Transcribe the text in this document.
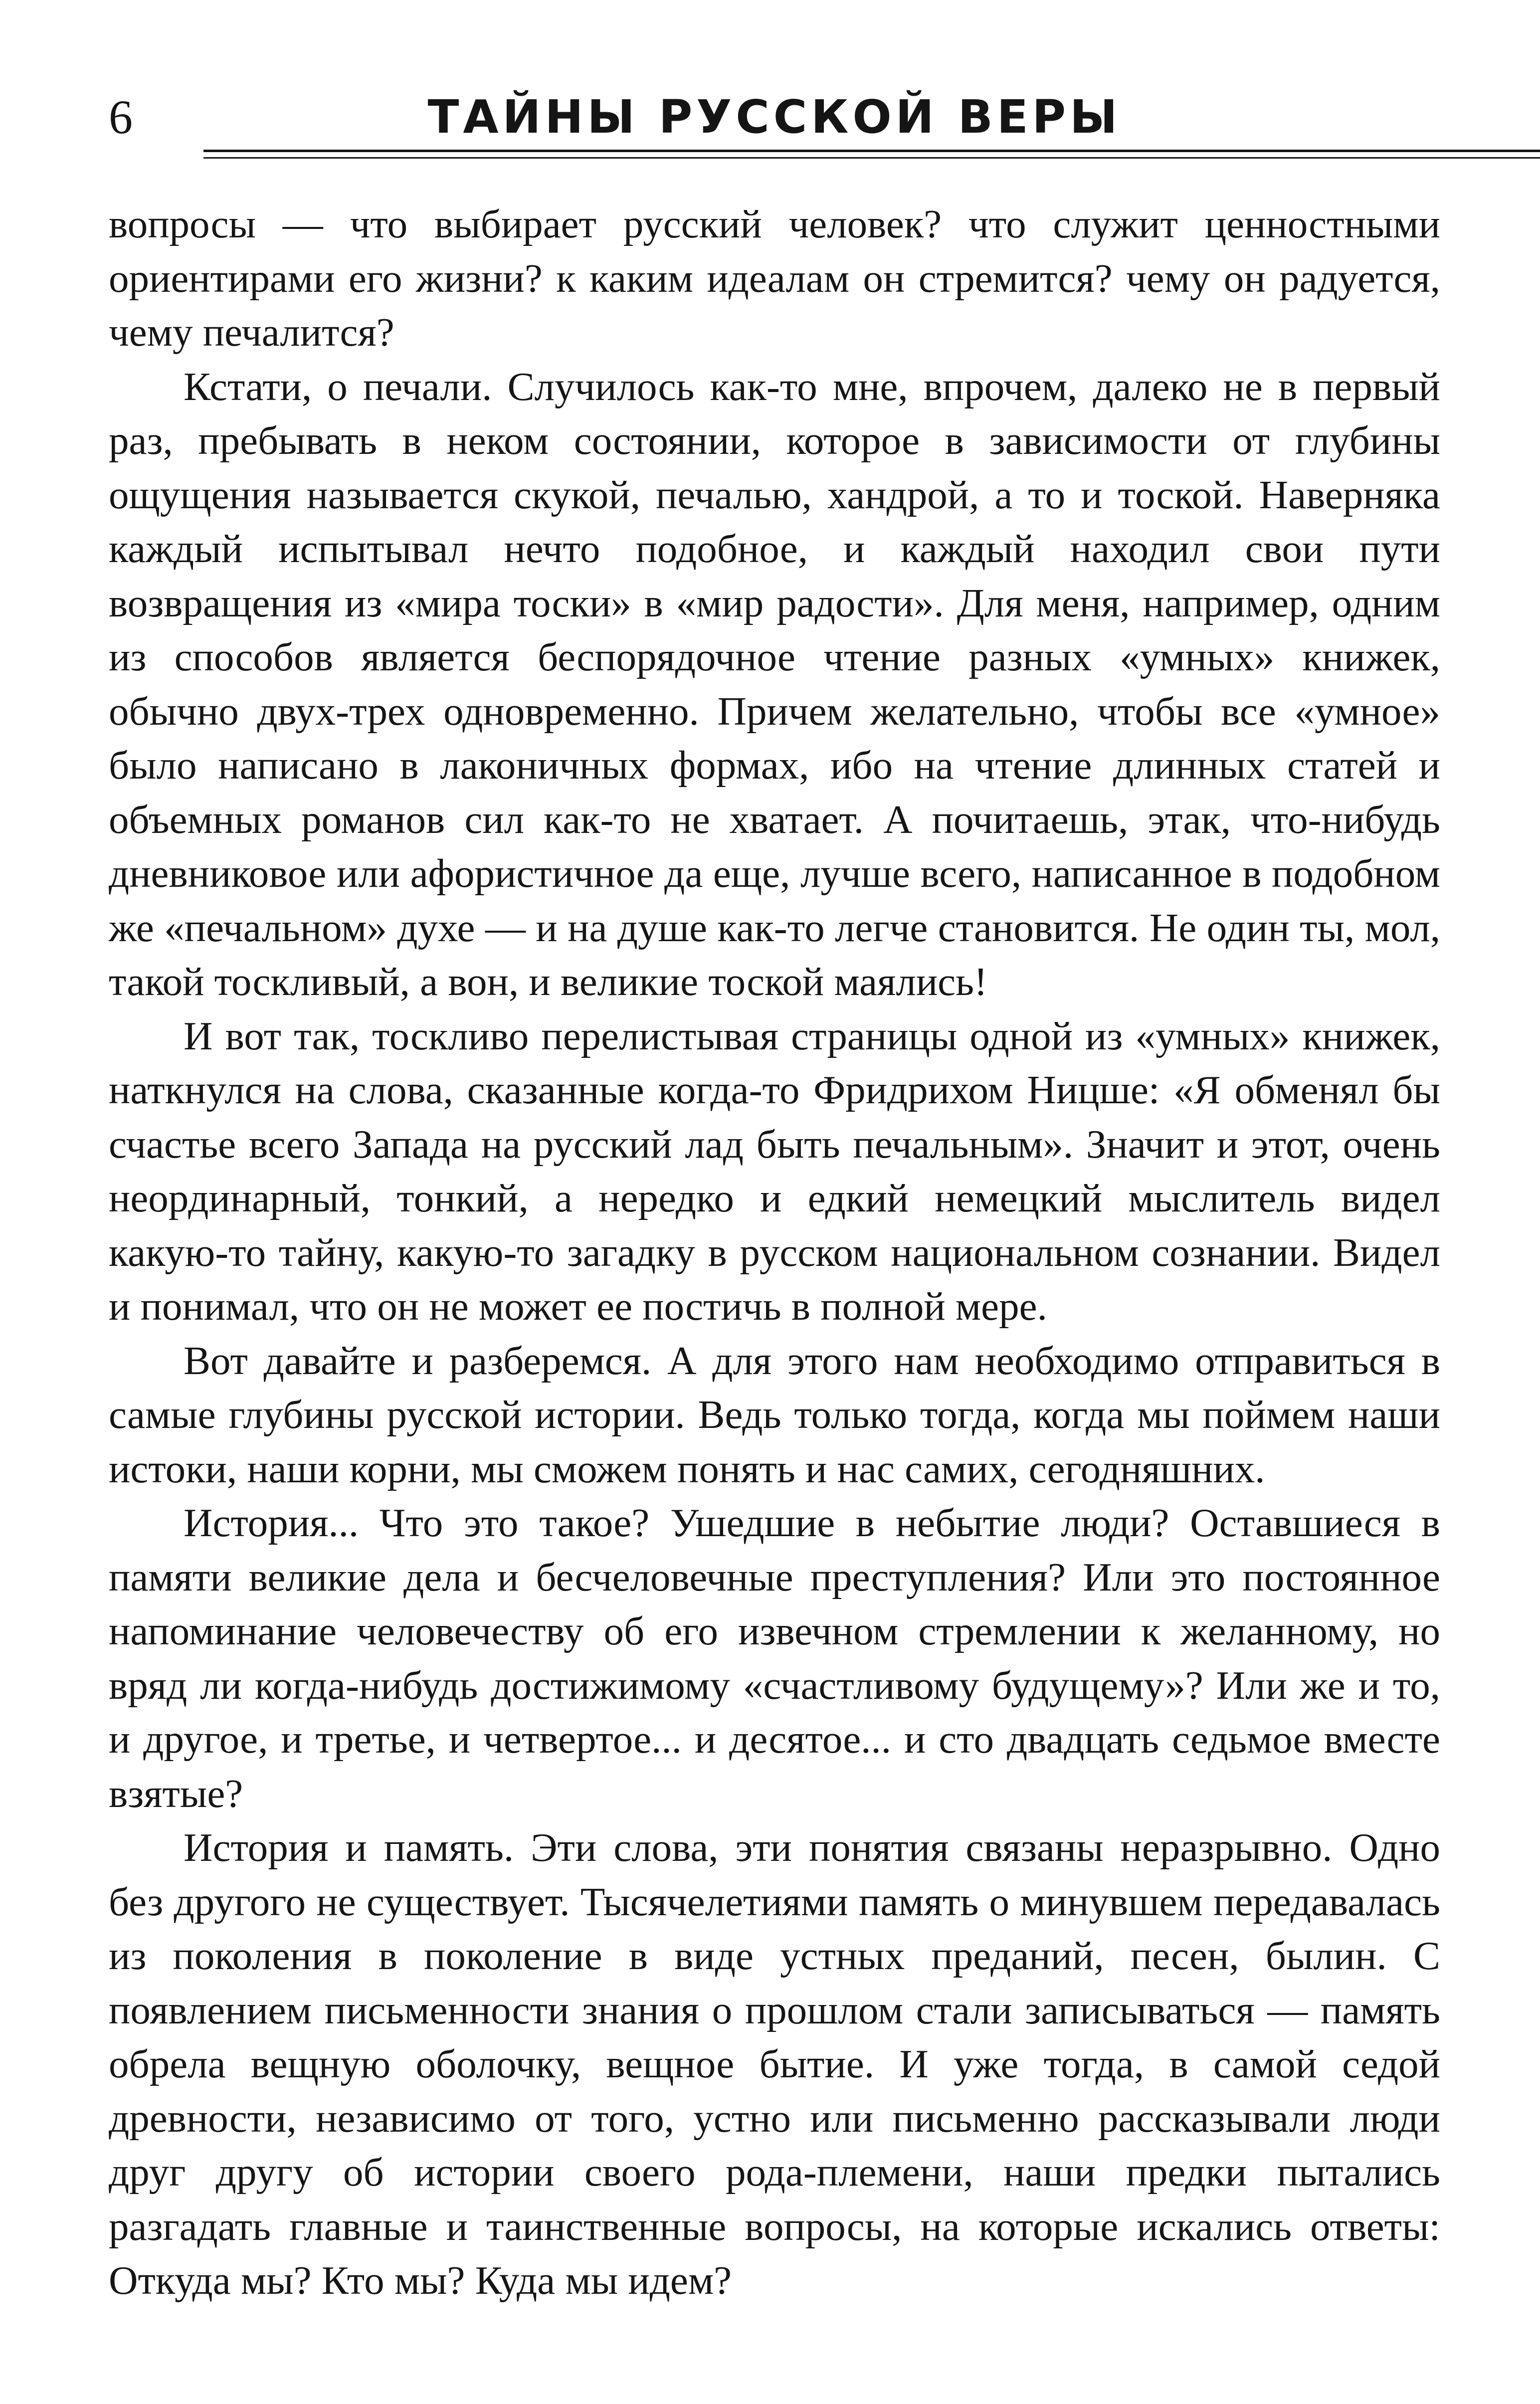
6	ТАЙНЫ РУССКОЙ ВЕРЫ

вопросы — что выбирает русский человек? что служит ценностными ориентирами его жизни? к каким идеалам он стремится? чему он радуется, чему печалится?

Кстати, о печали. Случилось как-то мне, впрочем, далеко не в первый раз, пребывать в неком состоянии, которое в зависимости от глубины ощущения называется скукой, печалью, хандрой, а то и тоской. Наверняка каждый испытывал нечто подобное, и каждый находил свои пути возвращения из «мира тоски» в «мир радости». Для меня, например, одним из способов является беспорядочное чтение разных «умных» книжек, обычно двух-трех одновременно. Причем желательно, чтобы все «умное» было написано в лаконичных формах, ибо на чтение длинных статей и объемных романов сил как-то не хватает. А почитаешь, этак, что-нибудь дневниковое или афористичное да еще, лучше всего, написанное в подобном же «печальном» духе — и на душе как-то легче становится. Не один ты, мол, такой тоскливый, а вон, и великие тоской маялись!

И вот так, тоскливо перелистывая страницы одной из «умных» книжек, наткнулся на слова, сказанные когда-то Фридрихом Ницше: «Я обменял бы счастье всего Запада на русский лад быть печальным». Значит и этот, очень неординарный, тонкий, а нередко и едкий немецкий мыслитель видел какую-то тайну, какую-то загадку в русском национальном сознании. Видел и понимал, что он не может ее постичь в полной мере.

Вот давайте и разберемся. А для этого нам необходимо отправиться в самые глубины русской истории. Ведь только тогда, когда мы поймем наши истоки, наши корни, мы сможем понять и нас самих, сегодняшних.

История... Что это такое? Ушедшие в небытие люди? Оставшиеся в памяти великие дела и бесчеловечные преступления? Или это постоянное напоминание человечеству об его извечном стремлении к желанному, но вряд ли когда-нибудь достижимому «счастливому будущему»? Или же и то, и другое, и третье, и четвертое... и десятое... и сто двадцать седьмое вместе взятые?

История и память. Эти слова, эти понятия связаны неразрывно. Одно без другого не существует. Тысячелетиями память о минувшем передавалась из поколения в поколение в виде устных преданий, песен, былин. С появлением письменности знания о прошлом стали записываться — память обрела вещную оболочку, вещное бытие. И уже тогда, в самой седой древности, независимо от того, устно или письменно рассказывали люди друг другу об истории своего рода-племени, наши предки пытались разгадать главные и таинственные вопросы, на которые искались ответы: Откуда мы? Кто мы? Куда мы идем?
